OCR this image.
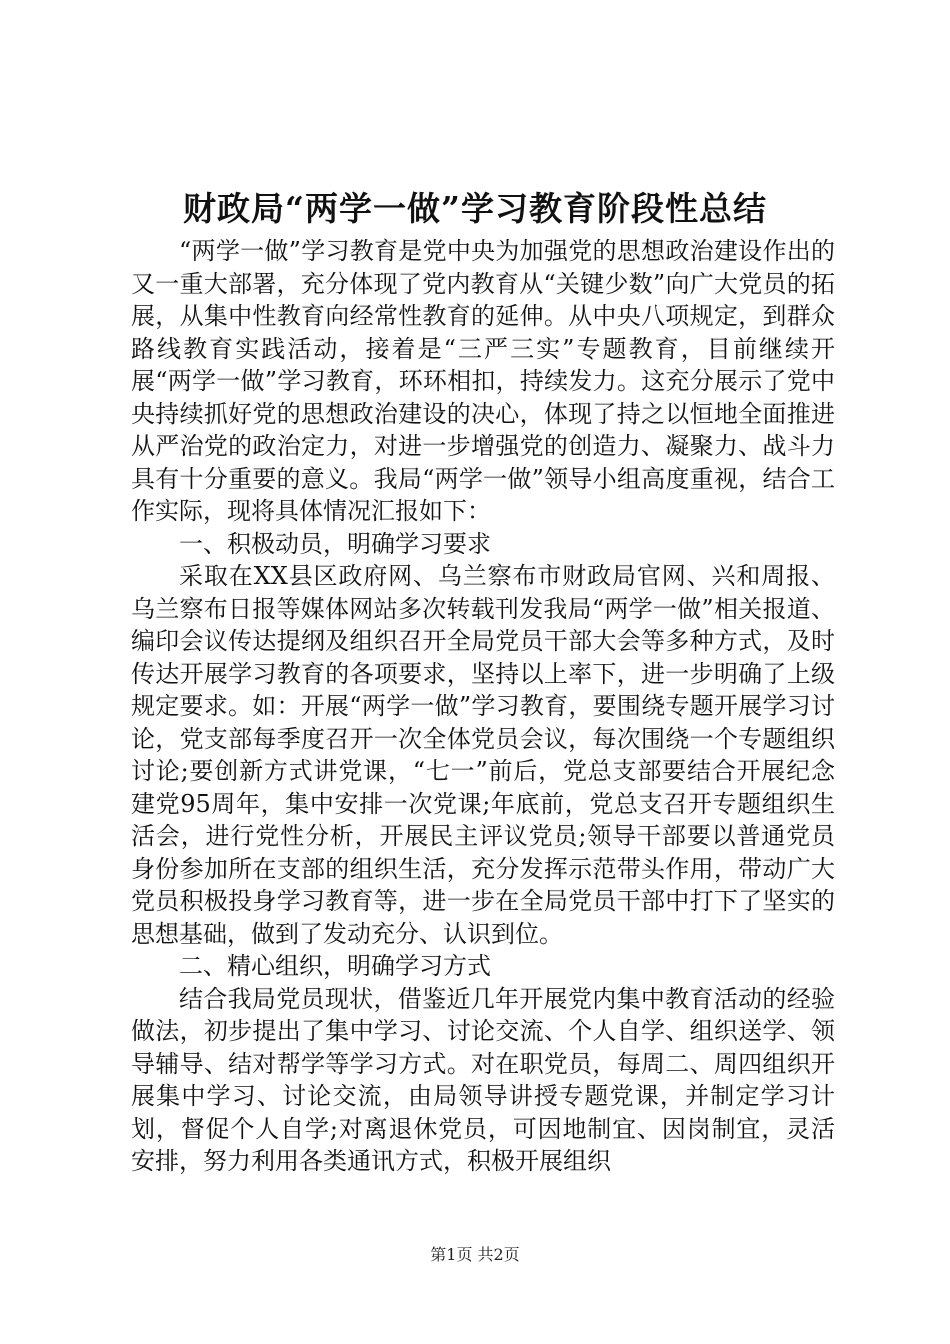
财政局“两学一做”学习教育阶段性总结

“两学一做”学习教育是党中央为加强党的思想政治建设作出的又一重大部署，充分体现了党内教育从“关键少数”向广大党员的拓展，从集中性教育向经常性教育的延伸。从中央八项规定，到群众路线教育实践活动，接着是“三严三实”专题教育，目前继续开展“两学一做”学习教育，环环相扣，持续发力。这充分展示了党中央持续抓好党的思想政治建设的决心，体现了持之以恒地全面推进从严治党的政治定力，对进一步增强党的创造力、凝聚力、战斗力具有十分重要的意义。我局“两学一做”领导小组高度重视，结合工作实际，现将具体情况汇报如下：

一、积极动员，明确学习要求

采取在XX县区政府网、乌兰察布市财政局官网、兴和周报、乌兰察布日报等媒体网站多次转载刊发我局“两学一做”相关报道、编印会议传达提纲及组织召开全局党员干部大会等多种方式，及时传达开展学习教育的各项要求，坚持以上率下，进一步明确了上级规定要求。如：开展“两学一做”学习教育，要围绕专题开展学习讨论，党支部每季度召开一次全体党员会议，每次围绕一个专题组织讨论;要创新方式讲党课，“七一”前后，党总支部要结合开展纪念建党95周年，集中安排一次党课;年底前，党总支召开专题组织生活会，进行党性分析，开展民主评议党员;领导干部要以普通党员身份参加所在支部的组织生活，充分发挥示范带头作用，带动广大党员积极投身学习教育等，进一步在全局党员干部中打下了坚实的思想基础，做到了发动充分、认识到位。

二、精心组织，明确学习方式

结合我局党员现状，借鉴近几年开展党内集中教育活动的经验做法，初步提出了集中学习、讨论交流、个人自学、组织送学、领导辅导、结对帮学等学习方式。对在职党员，每周二、周四组织开展集中学习、讨论交流，由局领导讲授专题党课，并制定学习计划，督促个人自学;对离退休党员，可因地制宜、因岗制宜，灵活安排，努力利用各类通讯方式，积极开展组织

第1页 共2页
